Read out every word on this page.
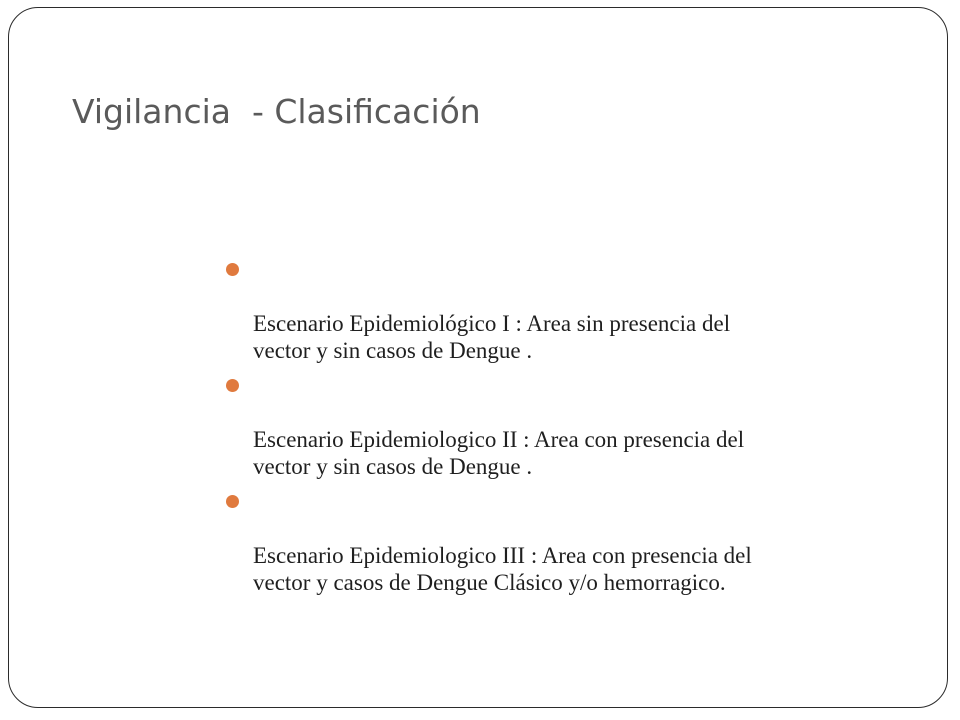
Vigilancia  - Clasificación

Escenario Epidemiológico I : Area sin presencia del
vector y sin casos de Dengue .

Escenario Epidemiologico II : Area con presencia del
vector y sin casos de Dengue .

Escenario Epidemiologico III : Area con presencia del
vector y casos de Dengue Clásico y/o hemorragico.
